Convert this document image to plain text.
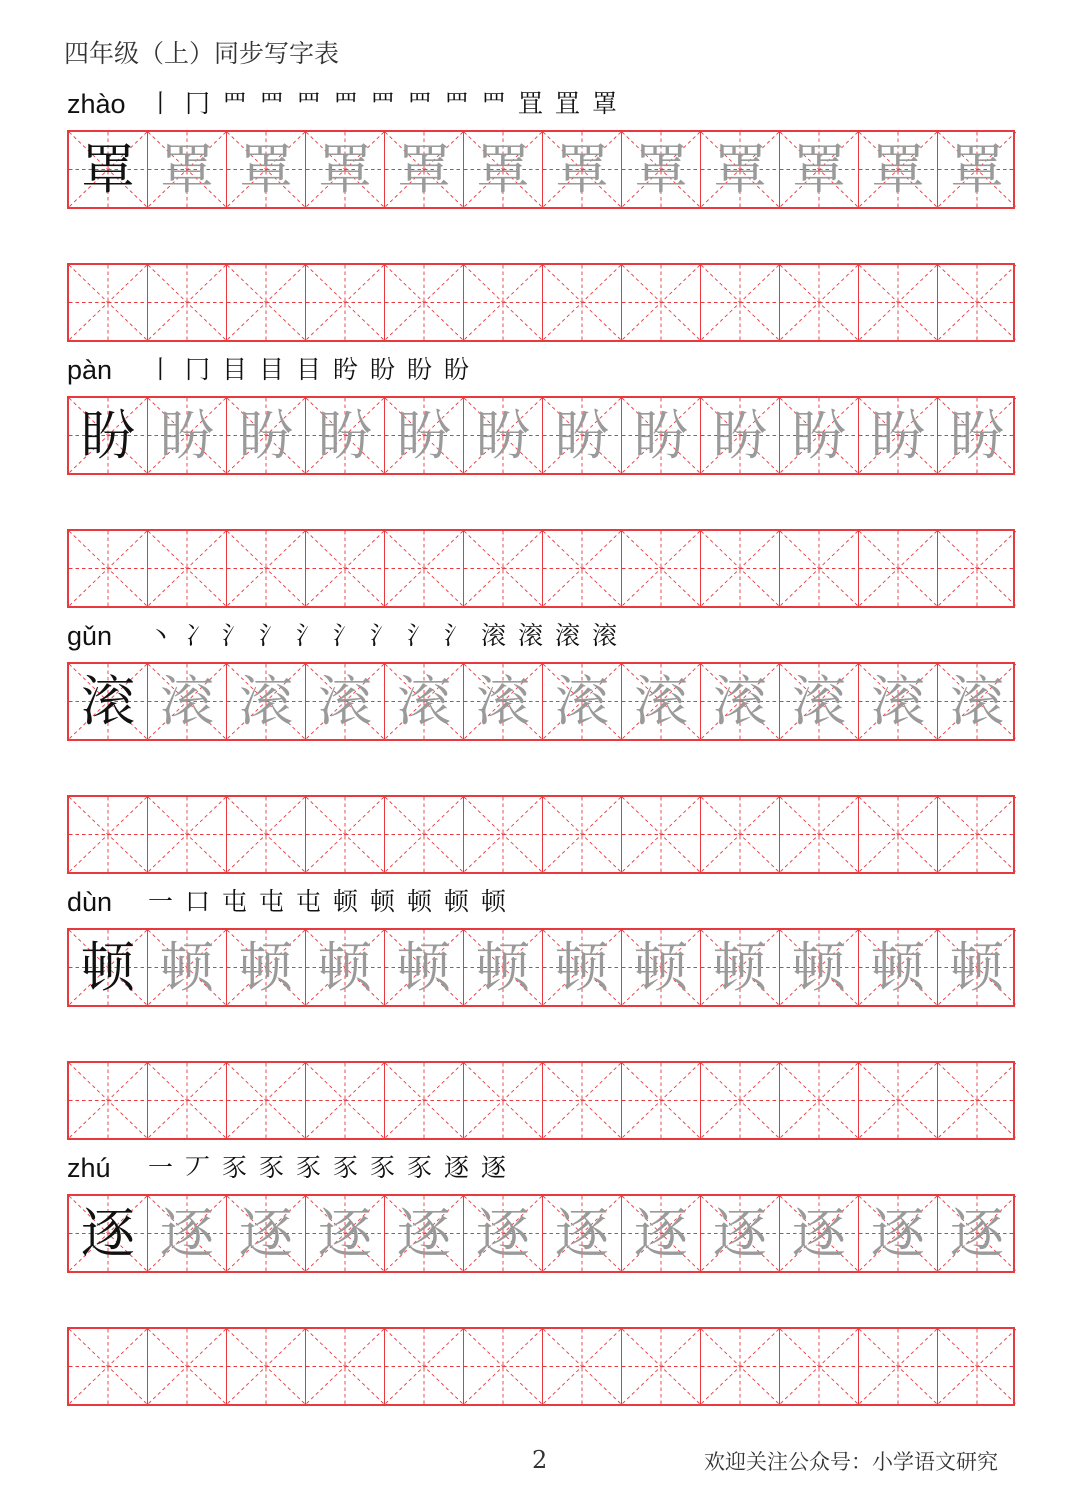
四年级（上）同步写字表
zhào 丨 冂 罒 罒 罒 罒 罒 罒 罒 罒 罝 罝 罩
罩 罩 罩 罩 罩 罩 罩 罩 罩 罩 罩 罩
pàn 丨 冂 目 目 目 盻 盼 盼 盼
盼 盼 盼 盼 盼 盼 盼 盼 盼 盼 盼 盼
gǔn 丶 冫 氵 氵 氵 氵 氵 氵 氵 滚 滚 滚 滚
滚 滚 滚 滚 滚 滚 滚 滚 滚 滚 滚 滚
dùn 一 口 屯 屯 屯 顿 顿 顿 顿 顿
顿 顿 顿 顿 顿 顿 顿 顿 顿 顿 顿 顿
zhú 一 丆 豕 豕 豕 豕 豕 豕 逐 逐
逐 逐 逐 逐 逐 逐 逐 逐 逐 逐 逐 逐
2	欢迎关注公众号：小学语文研究
